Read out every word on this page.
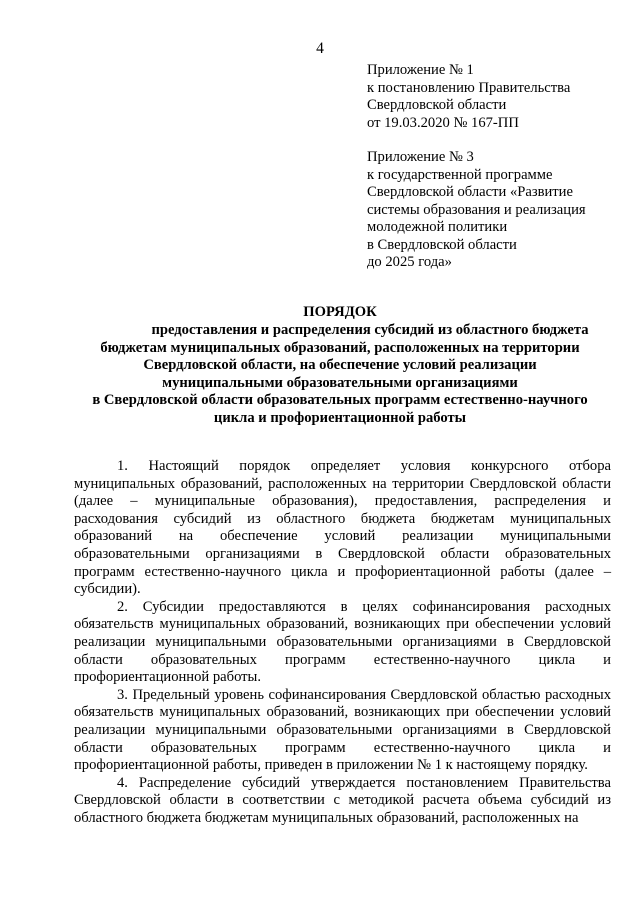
4
Приложение № 1
к постановлению Правительства
Свердловской области
от 19.03.2020 № 167-ПП
Приложение № 3
к государственной программе
Свердловской области «Развитие
системы образования и реализация
молодежной политики
в Свердловской области
до 2025 года»
ПОРЯДОК
предоставления и распределения субсидий из областного бюджета
бюджетам муниципальных образований, расположенных на территории
Свердловской области, на обеспечение условий реализации
муниципальными образовательными организациями
в Свердловской области образовательных программ естественно-научного
цикла и профориентационной работы

1. Настоящий порядок определяет условия конкурсного отбора муниципальных образований, расположенных на территории Свердловской области (далее – муниципальные образования), предоставления, распределения и расходования субсидий из областного бюджета бюджетам муниципальных образований на обеспечение условий реализации муниципальными образовательными организациями в Свердловской области образовательных программ естественно-научного цикла и профориентационной работы (далее – субсидии).

2. Субсидии предоставляются в целях софинансирования расходных обязательств муниципальных образований, возникающих при обеспечении условий реализации муниципальными образовательными организациями в Свердловской области образовательных программ естественно-научного цикла и профориентационной работы.

3. Предельный уровень софинансирования Свердловской областью расходных обязательств муниципальных образований, возникающих при обеспечении условий реализации муниципальными образовательными организациями в Свердловской области образовательных программ естественно-научного цикла и профориентационной работы, приведен в приложении № 1 к настоящему порядку.

4. Распределение субсидий утверждается постановлением Правительства Свердловской области в соответствии с методикой расчета объема субсидий из областного бюджета бюджетам муниципальных образований, расположенных на
